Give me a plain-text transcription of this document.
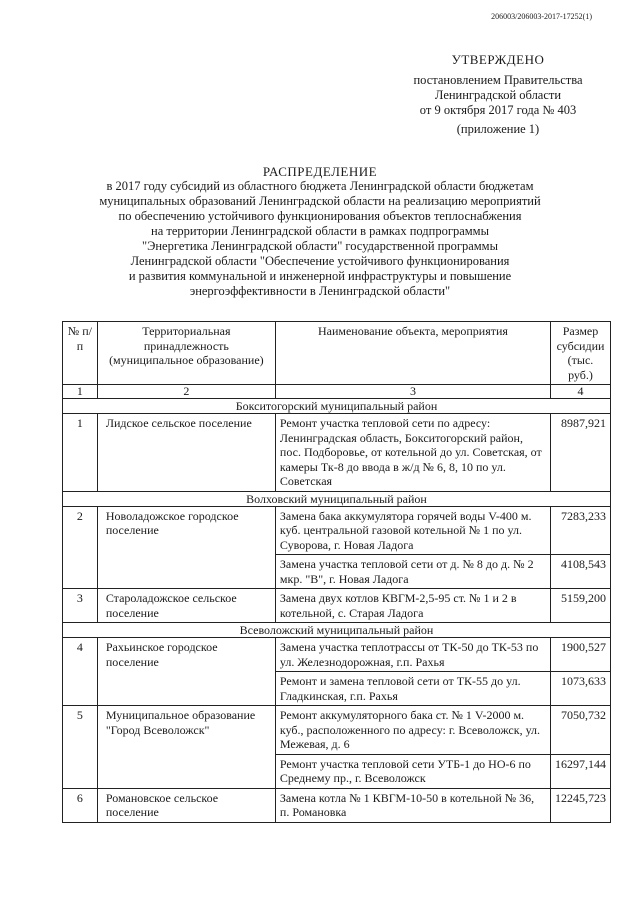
206003/206003-2017-17252(1)
УТВЕРЖДЕНО
постановлением Правительства
Ленинградской области
от 9 октября 2017 года № 403
(приложение 1)
РАСПРЕДЕЛЕНИЕ
в 2017 году субсидий из областного бюджета Ленинградской области бюджетам
муниципальных образований Ленинградской области на реализацию мероприятий
по обеспечению устойчивого функционирования объектов теплоснабжения
на территории Ленинградской области в рамках подпрограммы
"Энергетика Ленинградской области" государственной программы
Ленинградской области "Обеспечение устойчивого функционирования
и развития коммунальной и инженерной инфраструктуры и повышение
энергоэффективности в Ленинградской области"
№ п/п	Территориальная принадлежность (муниципальное образование)	Наименование объекта, мероприятия	Размер субсидии (тыс. руб.)
1	2	3	4
Бокситогорский муниципальный район			
1	Лидское сельское поселение	Ремонт участка тепловой сети по адресу: Ленинградская область, Бокситогорский район, пос. Подборовье, от котельной до ул. Советская, от камеры Тк-8 до ввода в ж/д № 6, 8, 10 по ул. Советская	8987,921
Волховский муниципальный район			
2	Новоладожское городское поселение	Замена бака аккумулятора горячей воды V-400 м. куб. центральной газовой котельной № 1 по ул. Суворова, г. Новая Ладога	7283,233
		Замена участка тепловой сети от д. № 8 до д. № 2 мкр. "В", г. Новая Ладога	4108,543
3	Староладожское сельское поселение	Замена двух котлов КВГМ-2,5-95 ст. № 1 и 2 в котельной, с. Старая Ладога	5159,200
Всеволожский муниципальный район			
4	Рахьинское городское поселение	Замена участка теплотрассы от ТК-50 до ТК-53 по ул. Железнодорожная, г.п. Рахья	1900,527
		Ремонт и замена тепловой сети от ТК-55 до ул. Гладкинская, г.п. Рахья	1073,633
5	Муниципальное образование "Город Всеволожск"	Ремонт аккумуляторного бака ст. № 1 V-2000 м. куб., расположенного по адресу: г. Всеволожск, ул. Межевая, д. 6	7050,732
		Ремонт участка тепловой сети УТБ-1 до НО-6 по Среднему пр., г. Всеволожск	16297,144
6	Романовское сельское поселение	Замена котла № 1 КВГМ-10-50 в котельной № 36, п. Романовка	12245,723
